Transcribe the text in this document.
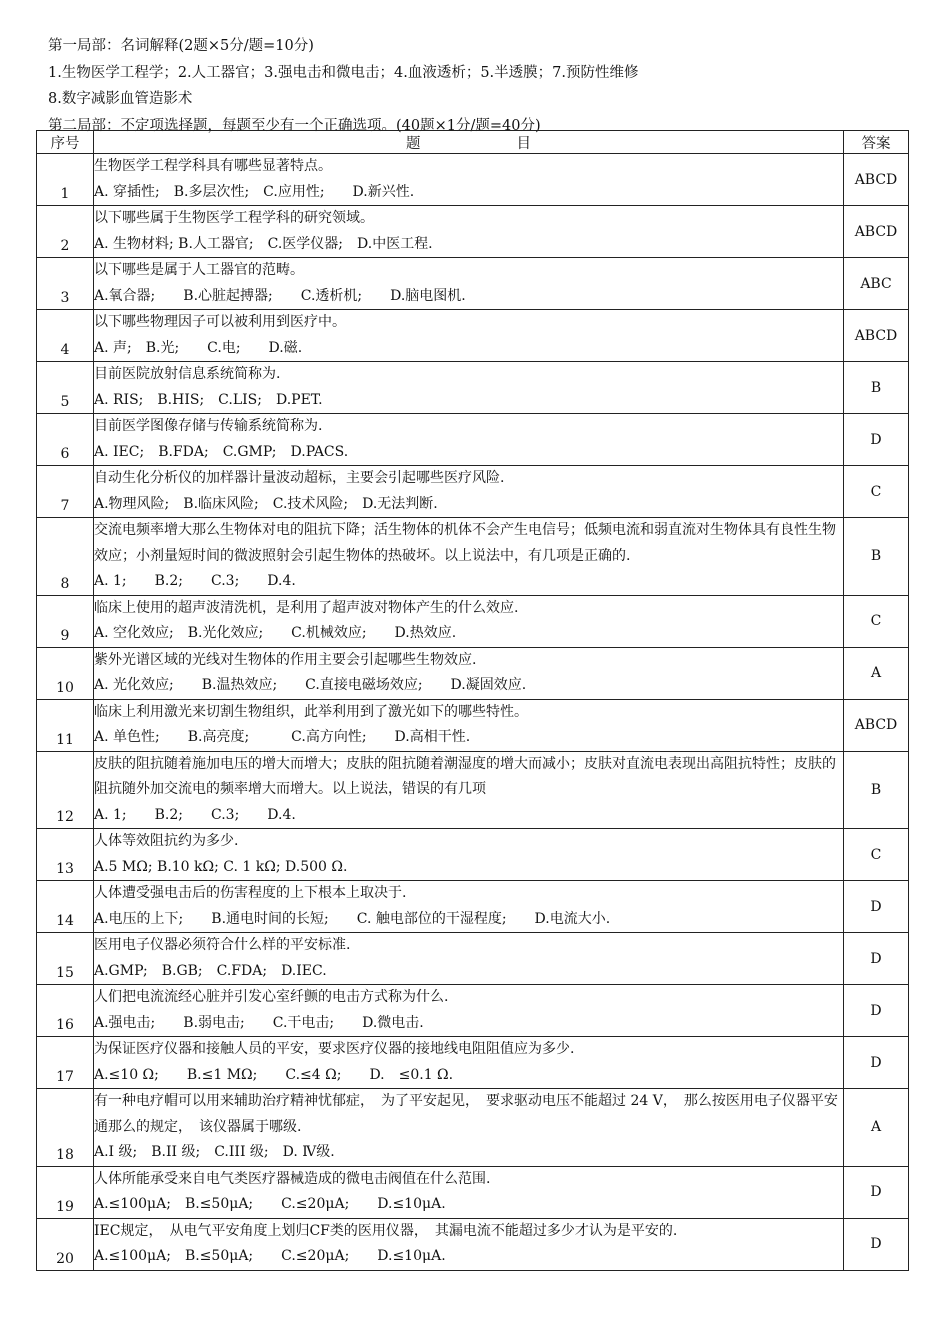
第一局部：名词解释(2题×5分/题=10分)
1.生物医学工程学；2.人工器官；3.强电击和微电击；4.血液透析；5.半透膜；7.预防性维修
8.数字减影血管造影术
第二局部：不定项选择题，每题至少有一个正确选项。(40题×1分/题=40分)
序号	题 目	答案
1	生物医学工程学科具有哪些显著特点。
A. 穿插性;　B.多层次性;　C.应用性;　　D.新兴性.	ABCD
2	以下哪些属于生物医学工程学科的研究领域。
A. 生物材料; B.人工器官;　C.医学仪器;　D.中医工程.	ABCD
3	以下哪些是属于人工器官的范畴。
A.氧合器;　　B.心脏起搏器;　　C.透析机;　　D.脑电图机.	ABC
4	以下哪些物理因子可以被利用到医疗中。
A. 声;　B.光;　　C.电;　　D.磁.	ABCD
5	目前医院放射信息系统简称为.
A. RIS;　B.HIS;　C.LIS;　D.PET.	B
6	目前医学图像存储与传输系统简称为.
A. IEC;　B.FDA;　C.GMP;　D.PACS.	D
7	自动生化分析仪的加样器计量波动超标，主要会引起哪些医疗风险.
A.物理风险;　B.临床风险;　C.技术风险;　D.无法判断.	C
8	交流电频率增大那么生物体对电的阻抗下降；活生物体的机体不会产生电信号；低频电流和弱直流对生物体具有良性生物效应；小剂量短时间的微波照射会引起生物体的热破坏。以上说法中，有几项是正确的.
A. 1;　　B.2;　　C.3;　　D.4.	B
9	临床上使用的超声波清洗机，是利用了超声波对物体产生的什么效应.
A. 空化效应;　B.光化效应;　　C.机械效应;　　D.热效应.	C
10	紫外光谱区域的光线对生物体的作用主要会引起哪些生物效应.
A. 光化效应;　　B.温热效应;　　C.直接电磁场效应;　　D.凝固效应.	A
11	临床上利用激光来切割生物组织，此举利用到了激光如下的哪些特性。
A. 单色性;　　B.高亮度;　　　C.高方向性;　　D.高相干性.	ABCD
12	皮肤的阻抗随着施加电压的增大而增大；皮肤的阻抗随着潮湿度的增大而减小；皮肤对直流电表现出高阻抗特性；皮肤的阻抗随外加交流电的频率增大而增大。以上说法，错误的有几项
A. 1;　　B.2;　　C.3;　　D.4.	B
13	人体等效阻抗约为多少.
A.5 MΩ; B.10 kΩ; C. 1 kΩ; D.500 Ω.	C
14	人体遭受强电击后的伤害程度的上下根本上取决于.
A.电压的上下;　　B.通电时间的长短;　　C. 触电部位的干湿程度;　　D.电流大小.	D
15	医用电子仪器必须符合什么样的平安标准.
A.GMP;　B.GB;　C.FDA;　D.IEC.	D
16	人们把电流流经心脏并引发心室纤颤的电击方式称为什么.
A.强电击;　　B.弱电击;　　C.干电击;　　D.微电击.	D
17	为保证医疗仪器和接触人员的平安，要求医疗仪器的接地线电阻阻值应为多少.
A.≤10 Ω;　　B.≤1 MΩ;　　C.≤4 Ω;　　D.　≤0.1 Ω.	D
18	有一种电疗帽可以用来辅助治疗精神忧郁症，　为了平安起见，　要求驱动电压不能超过 24 V，　那么按医用电子仪器平安通那么的规定，　该仪器属于哪级.
A.I 级;　B.II 级;　C.III 级;　D. Ⅳ级.	A
19	人体所能承受来自电气类医疗器械造成的微电击阀值在什么范围.
A.≤100μA;　B.≤50μA;　　C.≤20μA;　　D.≤10μA.	D
20	IEC规定，　从电气平安角度上划归CF类的医用仪器，　其漏电流不能超过多少才认为是平安的.
A.≤100μA;　B.≤50μA;　　C.≤20μA;　　D.≤10μA.	D
